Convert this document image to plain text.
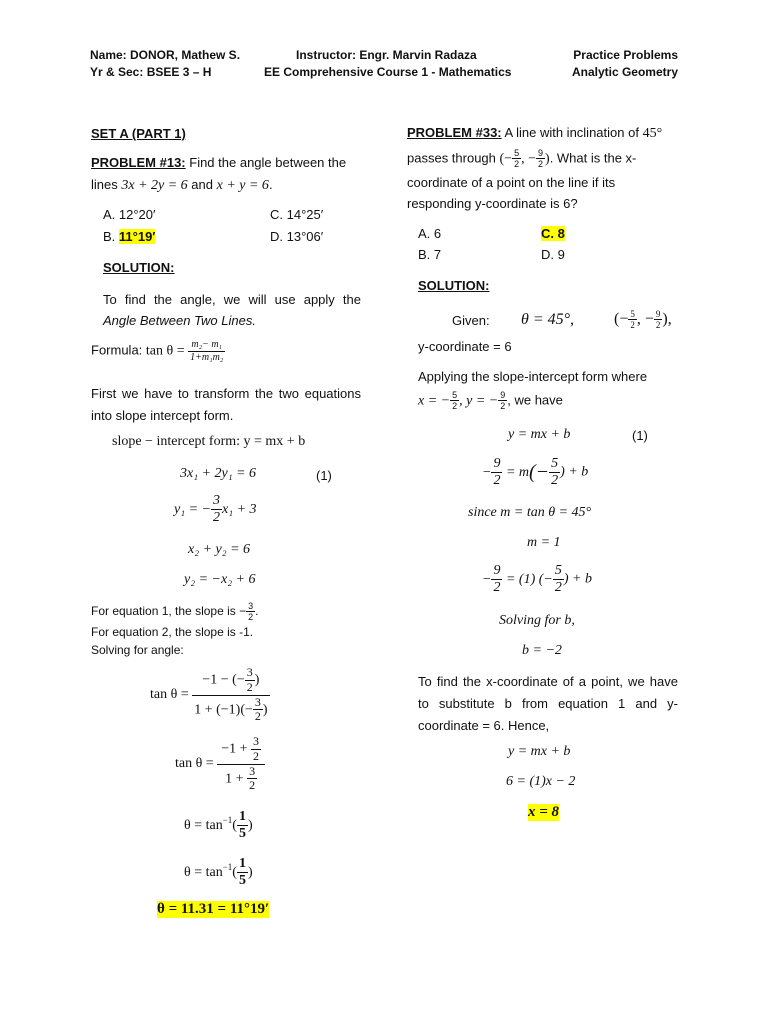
Name: DONOR, Mathew S.
Yr & Sec: BSEE 3 – H
Instructor: Engr. Marvin Radaza
EE Comprehensive Course 1 - Mathematics
Practice Problems
Analytic Geometry
SET A (PART 1)
PROBLEM #13: Find the angle between the
lines 3x + 2y = 6 and x + y = 6.
A. 12°20′	C. 14°25′
B. 11°19′	D. 13°06′
SOLUTION:
To find the angle, we will use apply the
Angle Between Two Lines.
Formula: $\tan \theta = \frac{\text{m₂− m₁}}{\text{1+m₁m₂}}$
First we have to transform the two equations into slope intercept form.
slope − intercept form: y = mx + b
3x₁ + 2y₁ = 6	(1)
y₁ = − $\frac{3}{2} x_1 + 3$
x₂ + y₂ = 6
y₂ = −x₂ + 6
For equation 1, the slope is − $\frac{3}{2}$ .
For equation 2, the slope is -1.
Solving for angle:
$\tan \theta = \frac{-1 - (- \frac{3}{2} )}{1 + (-1)(- \frac{3}{2} )}$
$\tan \theta = \frac{-1 + \frac{3}{2}}{1 + \frac{3}{2}}$
$\theta = \tan^{-1}( \frac{1}{5}$ )
$\theta = \tan^{-1}( \frac{1}{5}$ )
θ = 11.31 = 11°19′
PROBLEM #33: A line with inclination of 45°
passes through (− $\frac{5}{2}$ , − $\frac{9}{2}$ ). What is the x-
coordinate of a point on the line if its
responding y-coordinate is 6?
A. 6	C. 8
B. 7	D. 9
SOLUTION:
Given: θ = 45°, (− $\frac{5}{2}$ , − $\frac{9}{2}$ ),
y-coordinate = 6
Applying the slope-intercept form where
x = − $\frac{5}{2}$ , y = − $\frac{9}{2}$ , we have
y = mx + b	(1)
− $\frac{9}{2} = m(- \frac{5}{2}$ ) + b
since m = tan θ = 45°
m = 1
− $\frac{9}{2} = (1)$ (− $\frac{5}{2}$ ) + b
Solving for b,
b = −2
To find the x-coordinate of a point, we have to substitute b from equation 1 and y-coordinate = 6. Hence,
y = mx + b
6 = (1)x − 2
x = 8
